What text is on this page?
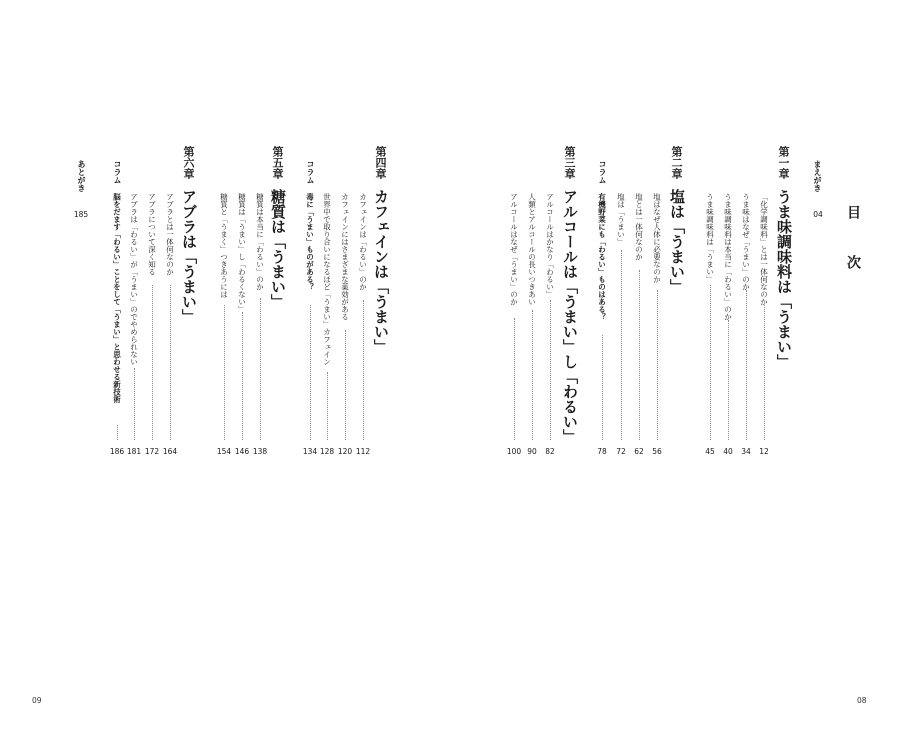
目 次
まえがき
04
第一章
うま味調味料は「うまい」
「化学調味料」とは一体何なのか
12
うま味はなぜ「うまい」のか
34
うま味調味料は本当に「わるい」のか
40
うま味調味料は「うまい」
45
第二章
塩は「うまい」
塩はなぜ人体に必要なのか
56
塩とは一体何なのか
62
塩は「うまい」
72
コラム
有機野菜にも「わるい」ものはある？
78
第三章
アルコールは「うまい」し「わるい」
アルコールはかなり「わるい」
82
人類とアルコールの長いつきあい
90
アルコールはなぜ「うまい」のか
100
第四章
カフェインは「うまい」
カフェインは「わるい」のか
112
カフェインにはさまざまな薬効がある
120
世界中で取り合いになるほど「うまい」カフェイン
128
コラム
毒に「うまい」ものがある？
134
第五章
糖質は「うまい」
糖質は本当に「わるい」のか
138
糖質は「うまい」し「わるくない」
146
糖質と「うまく」つきあうには
154
第六章
アブラは「うまい」
アブラとは一体何なのか
164
アブラについて深く知る
172
アブラは「わるい」が「うまい」のでやめられない
181
コラム
脳をだます「わるい」ことをして「うまい」と思わせる新技術
186
あとがき
185
09	08
